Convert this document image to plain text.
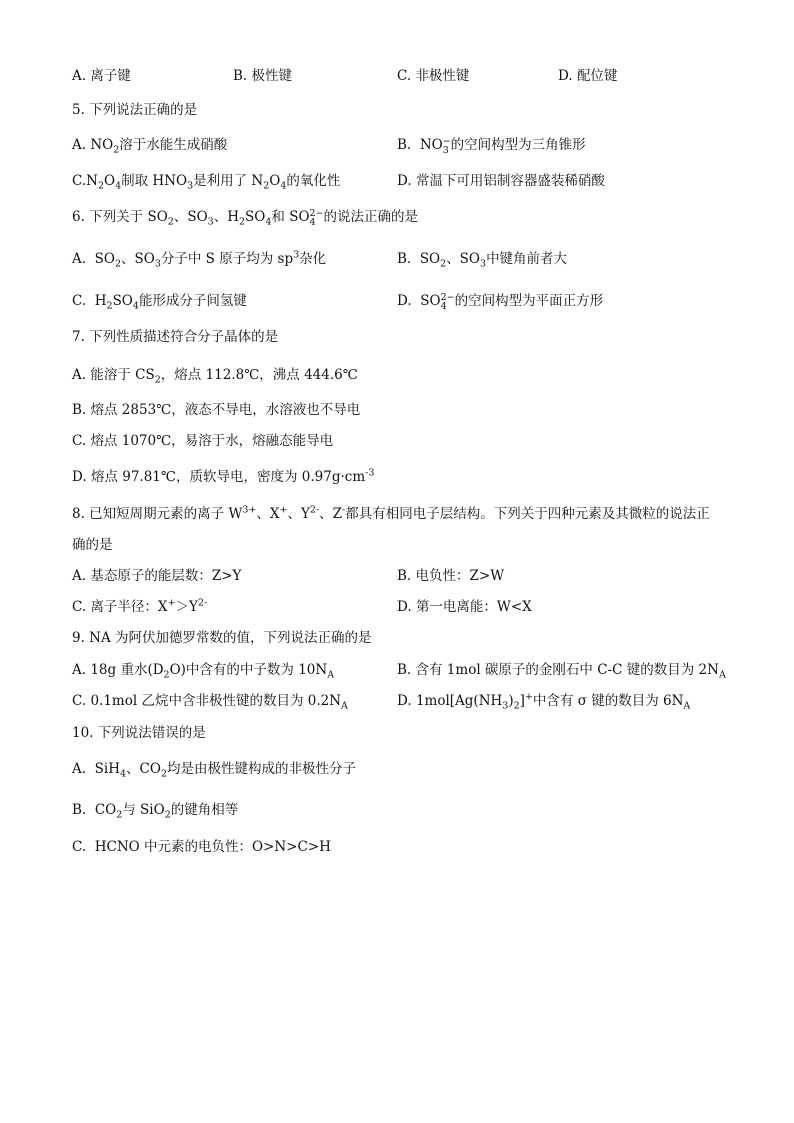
A. 离子键	B. 极性键	C. 非极性键	D. 配位键
5. 下列说法正确的是
A. $NO_2$溶于水能生成硝酸	B. NO −
3 的空间构型为三角锥形
$C.N_2O_4$制取 $HNO_3$是利用了 $N_2O_4$的氧化性	D. 常温下可用铝制容器盛装稀硝酸
6. 下列关于 $SO_2$、$SO_3$、$H_2SO_4$和 SO 2−
4 的说法正确的是
A. $SO_2$、$SO_3$分子中 S 原子均为 $sp^3$杂化	B. $SO_2$、$SO_3$中键角前者大
C. $H_2SO_4$能形成分子间氢键	D. SO 2−
4 的空间构型为平面正方形
7. 下列性质描述符合分子晶体的是
A. 能溶于 $CS_2$，熔点 112.8℃，沸点 444.6℃
B. 熔点 2853℃，液态不导电，水溶液也不导电
C. 熔点 1070℃，易溶于水，熔融态能导电
D. 熔点 97.81℃，质软导电，密度为 $0.97g\cdot cm^{-3}$
8. 已知短周期元素的离子 $W^{3+}$、X+、$Y^{2-}$、Z-都具有相同电子层结构。下列关于四种元素及其微粒的说法正
确的是
A. 基态原子的能层数：Z>Y	B. 电负性：Z>W
C. 离子半径：$X^+>Y^{2-}$	D. 第一电离能：W<X
9. NA 为阿伏加德罗常数的值，下列说法正确的是
A. 18g 重水$(D_2O)$中含有的中子数为 $10N_A$	B. 含有 1mol 碳原子的金刚石中 C-C 键的数目为 $2N_A$
C. 0.1mol 乙烷中含非极性键的数目为 $0.2N_A$	D. $1mol[Ag(NH_3)_2]^+$中含有 σ 键的数目为 $6N_A$
10. 下列说法错误的是
A. SiH$_4$、$CO_2$均是由极性键构成的非极性分子
B. $CO_2$与 SiO$_2$的键角相等
C. HCNO 中元素的电负性：O>N>C>H
